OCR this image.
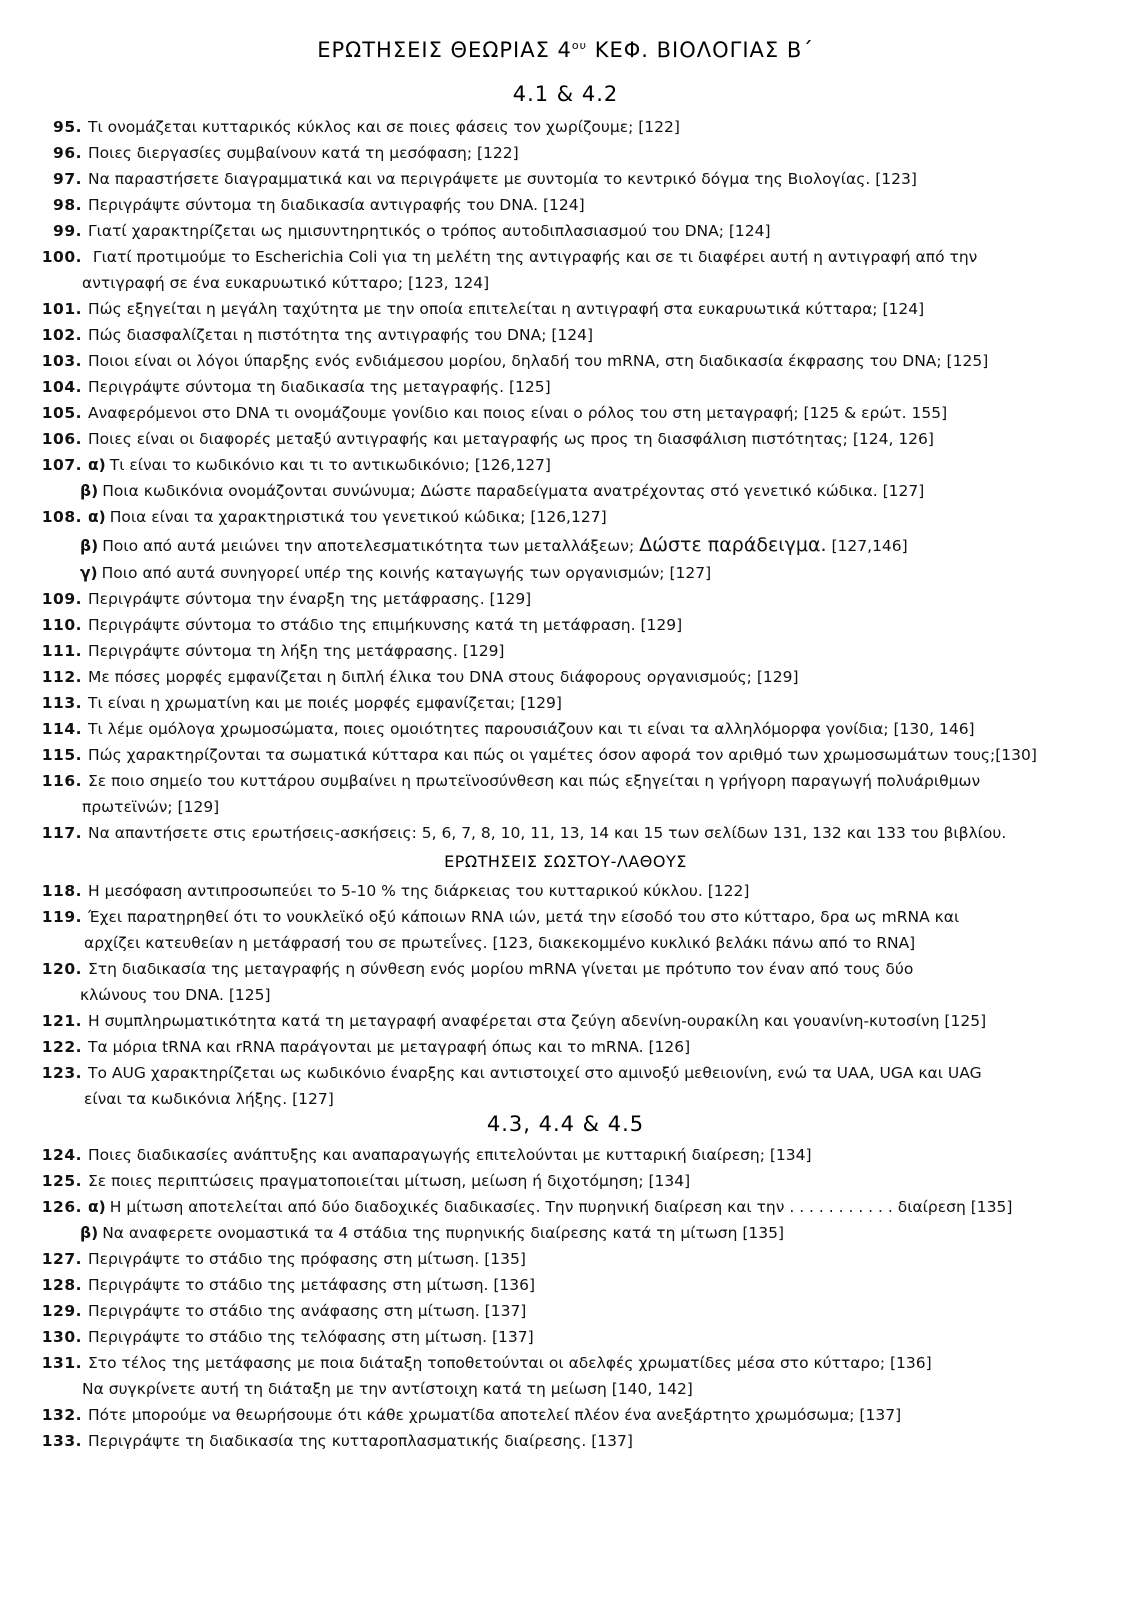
ΕΡΩΤΗΣΕΙΣ ΘΕΩΡΙΑΣ $4^{o\upsilon}$ ΚΕΦ. ΒΙΟΛΟΓΙΑΣ Β΄
4.1 & 4.2
95. Τι ονομάζεται κυτταρικός κύκλος και σε ποιες φάσεις τον χωρίζουμε; [122]
96. Ποιες διεργασίες συμβαίνουν κατά τη μεσόφαση; [122]
97. Να παραστήσετε διαγραμματικά και να περιγράψετε με συντομία το κεντρικό δόγμα της Βιολογίας. [123]
98. Περιγράψτε σύντομα τη διαδικασία αντιγραφής του DNA. [124]
99. Γιατί χαρακτηρίζεται ως ημισυντηρητικός ο τρόπος αυτοδιπλασιασμού του DNA; [124]
100. Γιατί προτιμούμε το Escherichia Coli για τη μελέτη της αντιγραφής και σε τι διαφέρει αυτή η αντιγραφή από την
αντιγραφή σε ένα ευκαρυωτικό κύτταρο; [123, 124]
101. Πώς εξηγείται η μεγάλη ταχύτητα με την οποία επιτελείται η αντιγραφή στα ευκαρυωτικά κύτταρα; [124]
102. Πώς διασφαλίζεται η πιστότητα της αντιγραφής του DNA; [124]
103. Ποιοι είναι οι λόγοι ύπαρξης ενός ενδιάμεσου μορίου, δηλαδή του mRNA, στη διαδικασία έκφρασης του DNA; [125]
104. Περιγράψτε σύντομα τη διαδικασία της μεταγραφής. [125]
105. Αναφερόμενοι στο DNA τι ονομάζουμε γονίδιο και ποιος είναι ο ρόλος του στη μεταγραφή; [125 & ερώτ. 155]
106. Ποιες είναι οι διαφορές μεταξύ αντιγραφής και μεταγραφής ως προς τη διασφάλιση πιστότητας; [124, 126]
107. α) Τι είναι το κωδικόνιο και τι το αντικωδικόνιο; [126,127]
β) Ποια κωδικόνια ονομάζονται συνώνυμα; Δώστε παραδείγματα ανατρέχοντας στό γενετικό κώδικα. [127]
108. α) Ποια είναι τα χαρακτηριστικά του γενετικού κώδικα; [126,127]
β) Ποιο από αυτά μειώνει την αποτελεσματικότητα των μεταλλάξεων; Δώστε παράδειγμα. [127,146]
γ) Ποιο από αυτά συνηγορεί υπέρ της κοινής καταγωγής των οργανισμών; [127]
109. Περιγράψτε σύντομα την έναρξη της μετάφρασης. [129]
110. Περιγράψτε σύντομα το στάδιο της επιμήκυνσης κατά τη μετάφραση. [129]
111. Περιγράψτε σύντομα τη λήξη της μετάφρασης. [129]
112. Με πόσες μορφές εμφανίζεται η διπλή έλικα του DNA στους διάφορους οργανισμούς; [129]
113. Τι είναι η χρωματίνη και με ποιές μορφές εμφανίζεται; [129]
114. Τι λέμε ομόλογα χρωμοσώματα, ποιες ομοιότητες παρουσιάζουν και τι είναι τα αλληλόμορφα γονίδια; [130, 146]
115. Πώς χαρακτηρίζονται τα σωματικά κύτταρα και πώς οι γαμέτες όσον αφορά τον αριθμό των χρωμοσωμάτων τους;[130]
116. Σε ποιο σημείο του κυττάρου συμβαίνει η πρωτεϊνοσύνθεση και πώς εξηγείται η γρήγορη παραγωγή πολυάριθμων
πρωτεϊνών; [129]
117. Να απαντήσετε στις ερωτήσεις-ασκήσεις: 5, 6, 7, 8, 10, 11, 13, 14 και 15 των σελίδων 131, 132 και 133 του βιβλίου.
ΕΡΩΤΗΣΕΙΣ ΣΩΣΤΟΥ-ΛΑΘΟΥΣ
118. Η μεσόφαση αντιπροσωπεύει το 5-10 % της διάρκειας του κυτταρικού κύκλου. [122]
119. Έχει παρατηρηθεί ότι το νουκλεϊκό οξύ κάποιων RNA ιών, μετά την είσοδό του στο κύτταρο, δρα ως mRNA και
αρχίζει κατευθείαν η μετάφρασή του σε πρωτεΐνες. [123, διακεκομμένο κυκλικό βελάκι πάνω από το RNA]
120. Στη διαδικασία της μεταγραφής η σύνθεση ενός μορίου mRNA γίνεται με πρότυπο τον έναν από τους δύο
κλώνους του DNA. [125]
121. Η συμπληρωματικότητα κατά τη μεταγραφή αναφέρεται στα ζεύγη αδενίνη-ουρακίλη και γουανίνη-κυτοσίνη [125]
122. Τα μόρια tRNA και rRNA παράγονται με μεταγραφή όπως και το mRNA. [126]
123. Το AUG χαρακτηρίζεται ως κωδικόνιο έναρξης και αντιστοιχεί στο αμινοξύ μεθειονίνη, ενώ τα UAA, UGA και UAG
είναι τα κωδικόνια λήξης. [127]
4.3, 4.4 & 4.5
124. Ποιες διαδικασίες ανάπτυξης και αναπαραγωγής επιτελούνται με κυτταρική διαίρεση; [134]
125. Σε ποιες περιπτώσεις πραγματοποιείται μίτωση, μείωση ή διχοτόμηση; [134]
126. α) Η μίτωση αποτελείται από δύο διαδοχικές διαδικασίες. Την πυρηνική διαίρεση και την . . . . . . . . . . . διαίρεση [135]
β) Να αναφερετε ονομαστικά τα 4 στάδια της πυρηνικής διαίρεσης κατά τη μίτωση [135]
127. Περιγράψτε το στάδιο της πρόφασης στη μίτωση. [135]
128. Περιγράψτε το στάδιο της μετάφασης στη μίτωση. [136]
129. Περιγράψτε το στάδιο της ανάφασης στη μίτωση. [137]
130. Περιγράψτε το στάδιο της τελόφασης στη μίτωση. [137]
131. Στο τέλος της μετάφασης με ποια διάταξη τοποθετούνται οι αδελφές χρωματίδες μέσα στο κύτταρο; [136]
Να συγκρίνετε αυτή τη διάταξη με την αντίστοιχη κατά τη μείωση [140, 142]
132. Πότε μπορούμε να θεωρήσουμε ότι κάθε χρωματίδα αποτελεί πλέον ένα ανεξάρτητο χρωμόσωμα; [137]
133. Περιγράψτε τη διαδικασία της κυτταροπλασματικής διαίρεσης. [137]
